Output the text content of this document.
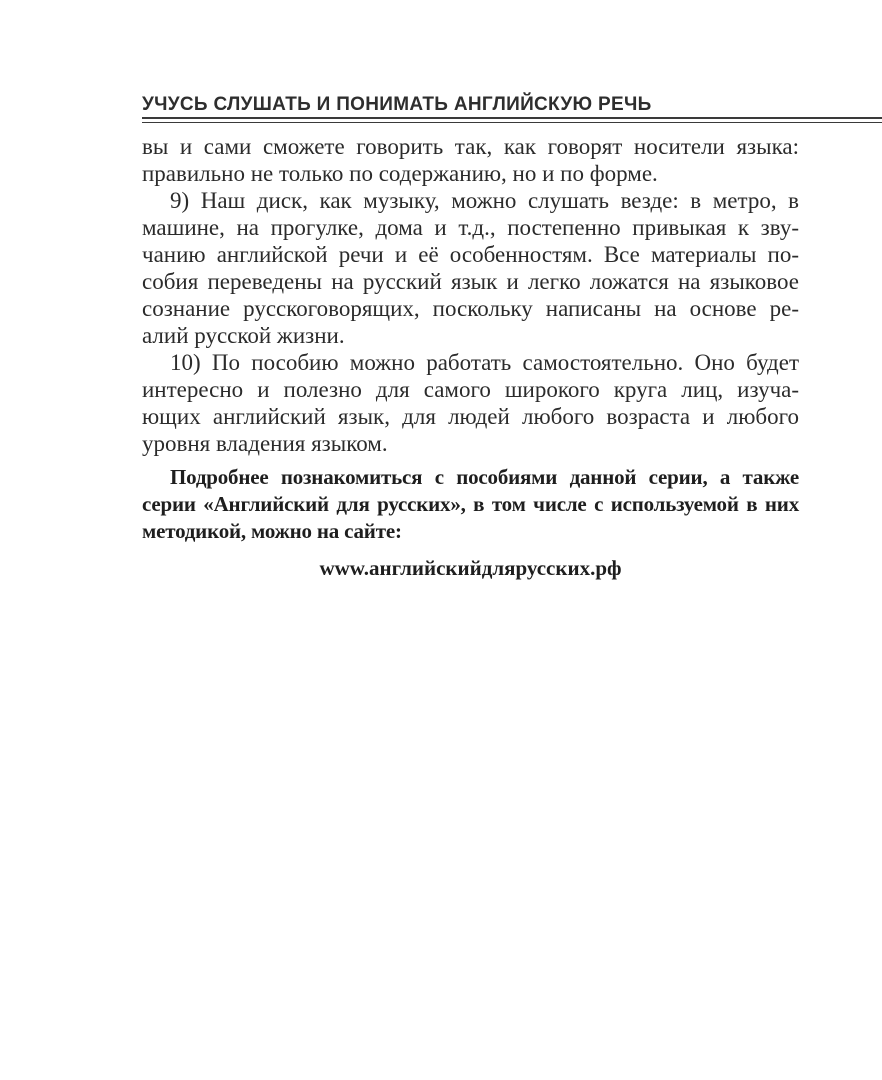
УЧУСЬ СЛУШАТЬ И ПОНИМАТЬ АНГЛИЙСКУЮ РЕЧЬ

вы и сами сможете говорить так, как говорят носители языка:
правильно не только по содержанию, но и по форме.

9) Наш диск, как музыку, можно слушать везде: в метро, в
машине, на прогулке, дома и т.д., постепенно привыкая к зву-
чанию английской речи и её особенностям. Все материалы по-
собия переведены на русский язык и легко ложатся на языковое
сознание русскоговорящих, поскольку написаны на основе ре-
алий русской жизни.

10) По пособию можно работать самостоятельно. Оно будет
интересно и полезно для самого широкого круга лиц, изуча-
ющих английский язык, для людей любого возраста и любого
уровня владения языком.

Подробнее познакомиться с пособиями данной серии, а также
серии «Английский для русских», в том числе с используемой в них
методикой, можно на сайте:
www.английскийдлярусских.рф
